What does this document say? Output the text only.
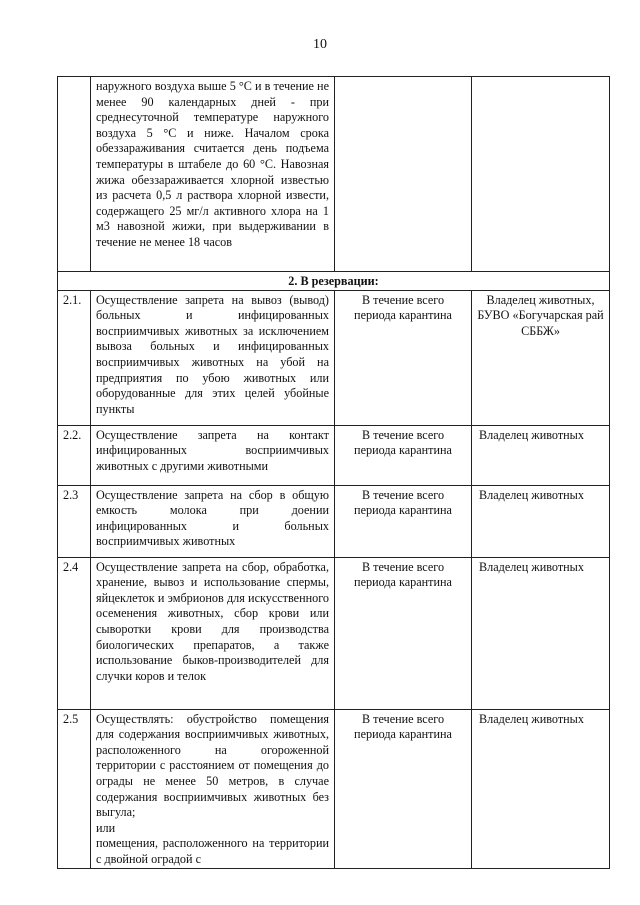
10
	наружного воздуха выше 5 °С и в течение не менее 90 календарных дней - при среднесуточной температуре наружного воздуха 5 °С и ниже. Началом срока обеззараживания считается день подъема температуры в штабеле до 60 °С. Навозная жижа обеззараживается хлорной известью из расчета 0,5 л раствора хлорной извести, содержащего 25 мг/л активного хлора на 1 м3 навозной жижи, при выдерживании в течение не менее 18 часов		
2. В резервации:			
2.1.	Осуществление запрета на вывоз (вывод) больных и инфицированных восприимчивых животных за исключением вывоза больных и инфицированных восприимчивых животных на убой на предприятия по убою животных или оборудованные для этих целей убойные пункты	В течение всего периода карантина	Владелец животных, БУВО «Богучарская рай СББЖ»
2.2.	Осуществление запрета на контакт инфицированных восприимчивых животных с другими животными	В течение всего периода карантина	Владелец животных
2.3	Осуществление запрета на сбор в общую емкость молока при доении инфицированных и больных восприимчивых животных	В течение всего периода карантина	Владелец животных
2.4	Осуществление запрета на сбор, обработка, хранение, вывоз и использование спермы, яйцеклеток и эмбрионов для искусственного осеменения животных, сбор крови или сыворотки крови для производства биологических препаратов, а также использование быков-производителей для случки коров и телок	В течение всего периода карантина	Владелец животных
2.5	Осуществлять: обустройство помещения для содержания восприимчивых животных, расположенного на огороженной территории с расстоянием от помещения до ограды не менее 50 метров, в случае содержания восприимчивых животных без выгула;
или
помещения, расположенного на территории с двойной оградой с	В течение всего периода карантина	Владелец животных
